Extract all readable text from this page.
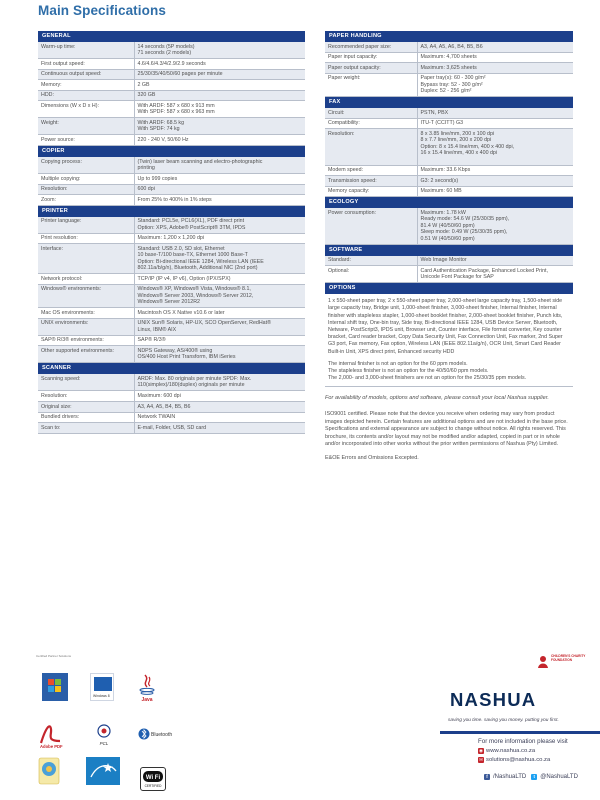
Main Specifications
GENERAL
Warm-up time:	14 seconds (5P models)
71 seconds (2 models)

First output speed:	4.6/4.6/4.3/4/2.9/2.9 seconds

Continuous output speed:	25/30/35/40/50/60 pages per minute

Memory:	2 GB

HDD:	320 GB

Dimensions (W x D x H):	With ARDF: 587 x 680 x 913 mm
With SPDF: 587 x 680 x 963 mm

Weight:	With ARDF: 68.5 kg
With SPDF: 74 kg

Power source:	220 - 240 V, 50/60 Hz
COPIER
Copying process:	(Twin) laser beam scanning and electro-photographic
printing

Multiple copying:	Up to 999 copies

Resolution:	600 dpi

Zoom:	From 25% to 400% in 1% steps
PRINTER
Printer language:	Standard: PCL5e, PCL6(XL), PDF direct print
Option: XPS, Adobe® PostScript® 3TM, IPDS

Print resolution:	Maximum: 1,200 x 1,200 dpi

Interface:	Standard: USB 2.0, SD slot, Ethernet
10 base-T/100 base-TX, Ethernet 1000 Base-T
Option: Bi-directional IEEE 1284, Wireless LAN (IEEE
802.11a/b/g/n), Bluetooth, Additional NIC (2nd port)

Network protocol:	TCP/IP (IP v4, IP v6), Option (IPX/SPX)

Windows® environments:	Windows® XP, Windows® Vista, Windows® 8.1,
Windows® Server 2003, Windows® Server 2012,
Windows® Server 2012R2

Mac OS environments:	Macintosh OS X Native v10.6 or later

UNIX environments:	UNIX Sun® Solaris, HP-UX, SCO OpenServer, RedHat®
Linux, IBM® AIX

SAP® R/3® environments:	SAP® R/3®

Other supported environments:	NDPS Gateway, AS/400® using
OS/400 Host Print Transform, IBM iSeries
SCANNER
Scanning speed:	ARDF: Max. 80 originals per minute SPDF: Max.
110(simplex)/180(duplex) originals per minute

Resolution:	Maximum: 600 dpi

Original size:	A3, A4, A5, B4, B5, B6

Bundled drivers:	Network TWAIN

Scan to:	E-mail, Folder, USB, SD card
PAPER HANDLING
Recommended paper size:	A3, A4, A5, A6, B4, B5, B6

Paper input capacity:	Maximum: 4,700 sheets

Paper output capacity:	Maximum: 3,625 sheets

Paper weight:	Paper tray(s): 60 - 300 g/m²
Bypass tray: 52 - 300 g/m²
Duplex: 52 - 256 g/m²
FAX
Circuit:	PSTN, PBX

Compatibility:	ITU-T (CCITT) G3

Resolution:	8 x 3.85 line/mm, 200 x 100 dpi
8 x 7.7 line/mm, 200 x 200 dpi
Option: 8 x 15.4 line/mm, 400 x 400 dpi,
16 x 15.4 line/mm, 400 x 400 dpi

Modem speed:	Maximum: 33.6 Kbps

Transmission speed:	G3: 2 second(s)

Memory capacity:	Maximum: 60 MB
ECOLOGY
Power consumption:	Maximum: 1.78 kW
Ready mode: 54.6 W (25/30/35 ppm),
81.4 W (40/50/60 ppm)
Sleep mode: 0.49 W (25/30/35 ppm),
0.51 W (40/50/60 ppm)
SOFTWARE
Standard:	Web Image Monitor

Optional:	Card Authentication Package, Enhanced Locked Print,
Unicode Font Package for SAP
OPTIONS

1 x 550-sheet paper tray, 2 x 550-sheet paper tray, 2,000-sheet large capacity tray, 1,500-sheet side large capacity tray, Bridge unit, 1,000-sheet finisher, 3,000-sheet finisher, Internal finisher, Internal finisher with stapleless stapler, 1,000-sheet booklet finisher, 2,000-sheet booklet finisher, Punch kits, Internal shift tray, One-bin tray, Side tray, Bi-directional IEEE 1284, USB Device Server, Bluetooth, Netware, PostScript3, IPDS unit, Browser unit, Counter interface, File format converter, Key counter bracket, Card reader bracket, Copy Data Security Unit, Fax Connection Unit, Fax marker, 2nd Super G3 port, Fax memory, Fax option, Wireless LAN (IEEE 802.11a/g/n), OCR Unit, Smart Card Reader Built-in Unit, XPS direct print, Enhanced security HDD

The internal finisher is not an option for the 60 ppm models.

The stapleless finisher is not an option for the 40/50/60 ppm models.

The 2,000- and 3,000-sheet finishers are not an option for the 25/30/35 ppm models.

For availability of models, options and software, please consult your local Nashua supplier.

ISO9001 certified. Please note that the device you receive when ordering may vary from product images depicted herein. Certain features are additional options and are not included in the base price. Specifications and external appearance are subject to change without notice. All rights reserved. This brochure, its contents and/or layout may not be modified and/or adapted, copied in part or in whole and/or incorporated into other works without the prior written permissions of Nashua (Pty) Limited.

E&OE Errors and Omissions Excepted.

Certified Partner Solutions
Windows 8
Java
Adobe PDF
PCL
Bluetooth
Wi Fi
CERTIFIED
CHILDREN'S CHARITY FOUNDATION
NASHUA
saving you time. saving you money. putting you first.
For more information please visit
◉ www.nashua.co.za
✉ solutions@nashua.co.za
f /NashuaLTD	t @NashuaLTD
